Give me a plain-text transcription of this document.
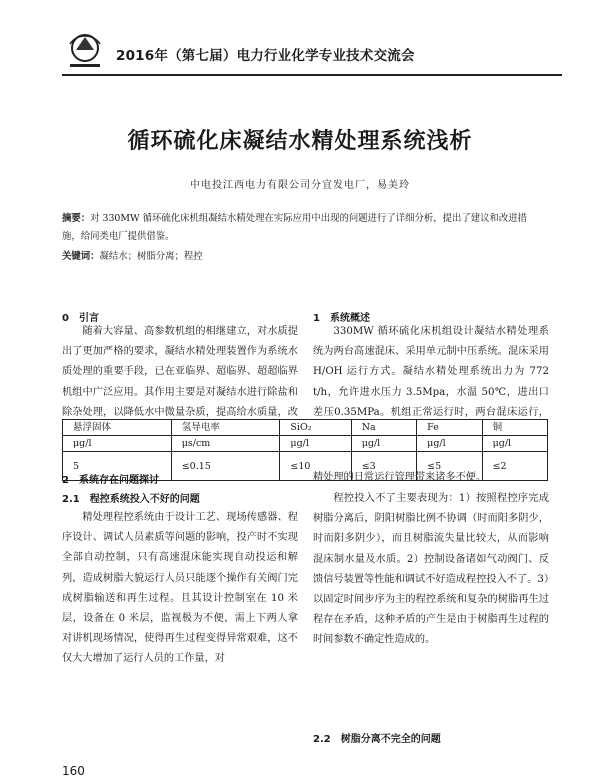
2016年（第七届）电力行业化学专业技术交流会
循环硫化床凝结水精处理系统浅析
中电投江西电力有限公司分宜发电厂，易美玲
摘要：对 330MW 循环硫化床机组凝结水精处理在实际应用中出现的问题进行了详细分析，提出了建议和改进措施，给同类电厂提供借鉴。
关键词：凝结水；树脂分离；程控
0　引言
随着大容量、高参数机组的相继建立，对水质提出了更加严格的要求，凝结水精处理装置作为系统水质处理的重要手段，已在亚临界、超临界、超超临界机组中广泛应用。其作用主要是对凝结水进行除盐和除杂处理，以降低水中微量杂质，提高给水质量，改
1　系统概述
330MW 循环硫化床机组设计凝结水精处理系统为两台高速混床、采用单元制中压系统。混床采用H/OH 运行方式。凝结水精处理系统出力为 772 t/h，允许进水压力 3.5Mpa，水温 50℃，进出口差压0.35MPa。机组正常运行时，两台混床运行，
悬浮固体	氢导电率	SiO₂	Na	Fe	铜
μg/l	μs/cm	μg/l	μg/l	μg/l	μg/l
5	≤0.15	≤10	≤3	≤5	≤2
2　系统存在问题探讨
2.1　程控系统投入不好的问题
精处理程控系统由于设计工艺、现场传感器、程序设计、调试人员素质等问题的影响，投产时不实现全部自动控制，只有高速混床能实现自动投运和解列，造成树脂大貌运行人员只能逐个操作有关阀门完成树脂输送和再生过程。且其设计控制室在 10 米层，设备在 0 米层，监视极为不便，需上下两人拿对讲机现场情况，使得再生过程变得异常艰难，这不仅大大增加了运行人员的工作量，对
精处理的日常运行管理带来诸多不便。
程控投入不了主要表现为：1）按照程控序完成树脂分离后，阴阳树脂比例不协调（时而阳多阴少，时而阳多阴少），而且树脂流失量比较大，从而影响混床制水量及水质。2）控制设备诸如气动阀门、反馈信号装置等性能和调试不好造成程控投入不了。3）以固定时间步序为主的程控系统和复杂的树脂再生过程存在矛盾，这种矛盾的产生是由于树脂再生过程的时间参数不确定性造成的。
2.2　树脂分离不完全的问题
160
